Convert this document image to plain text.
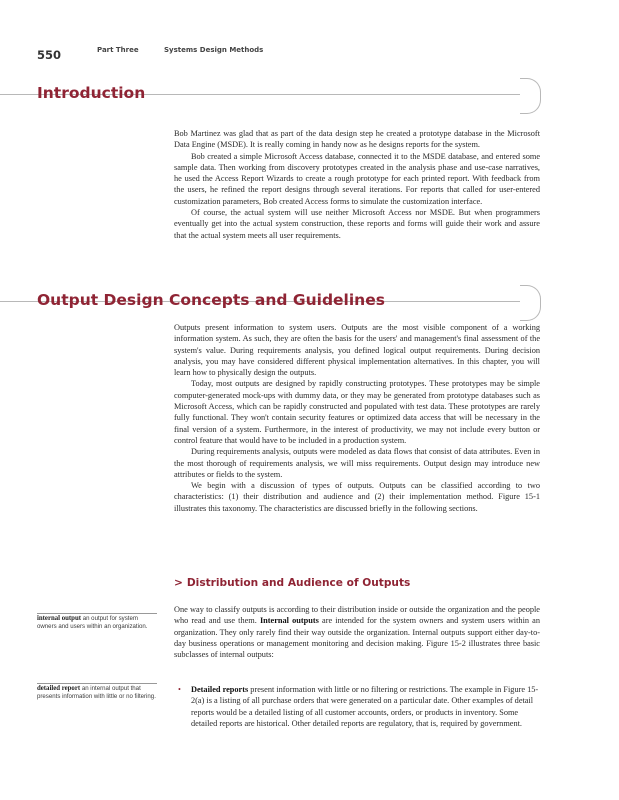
550	Part Three	Systems Design Methods
Introduction

Bob Martinez was glad that as part of the data design step he created a prototype database in the Microsoft Data Engine (MSDE). It is really coming in handy now as he designs reports for the system.

Bob created a simple Microsoft Access database, connected it to the MSDE database, and entered some sample data. Then working from discovery prototypes created in the analysis phase and use-case narratives, he used the Access Report Wizards to create a rough prototype for each printed report. With feedback from the users, he refined the report designs through several iterations. For reports that called for user-entered customization parameters, Bob created Access forms to simulate the customization interface.

Of course, the actual system will use neither Microsoft Access nor MSDE. But when programmers eventually get into the actual system construction, these reports and forms will guide their work and assure that the actual system meets all user requirements.

Output Design Concepts and Guidelines

Outputs present information to system users. Outputs are the most visible component of a working information system. As such, they are often the basis for the users' and management's final assessment of the system's value. During requirements analysis, you defined logical output requirements. During decision analysis, you may have considered different physical implementation alternatives. In this chapter, you will learn how to physically design the outputs.

Today, most outputs are designed by rapidly constructing prototypes. These prototypes may be simple computer-generated mock-ups with dummy data, or they may be generated from prototype databases such as Microsoft Access, which can be rapidly constructed and populated with test data. These prototypes are rarely fully functional. They won't contain security features or optimized data access that will be necessary in the final version of a system. Furthermore, in the interest of productivity, we may not include every button or control feature that would have to be included in a production system.

During requirements analysis, outputs were modeled as data flows that consist of data attributes. Even in the most thorough of requirements analysis, we will miss requirements. Output design may introduce new attributes or fields to the system.

We begin with a discussion of types of outputs. Outputs can be classified according to two characteristics: (1) their distribution and audience and (2) their implementation method. Figure 15-1 illustrates this taxonomy. The characteristics are discussed briefly in the following sections.

> Distribution and Audience of Outputs

One way to classify outputs is according to their distribution inside or outside the organization and the people who read and use them. Internal outputs are intended for the system owners and system users within an organization. They only rarely find their way outside the organization. Internal outputs support either day-to-day business operations or management monitoring and decision making. Figure 15-2 illustrates three basic subclasses of internal outputs:

internal output an output for system owners and users within an organization.
detailed report an internal output that presents information with little or no filtering.
• Detailed reports present information with little or no filtering or restrictions. The example in Figure 15-2(a) is a listing of all purchase orders that were generated on a particular date. Other examples of detail reports would be a detailed listing of all customer accounts, orders, or products in inventory. Some detailed reports are historical. Other detailed reports are regulatory, that is, required by government.
